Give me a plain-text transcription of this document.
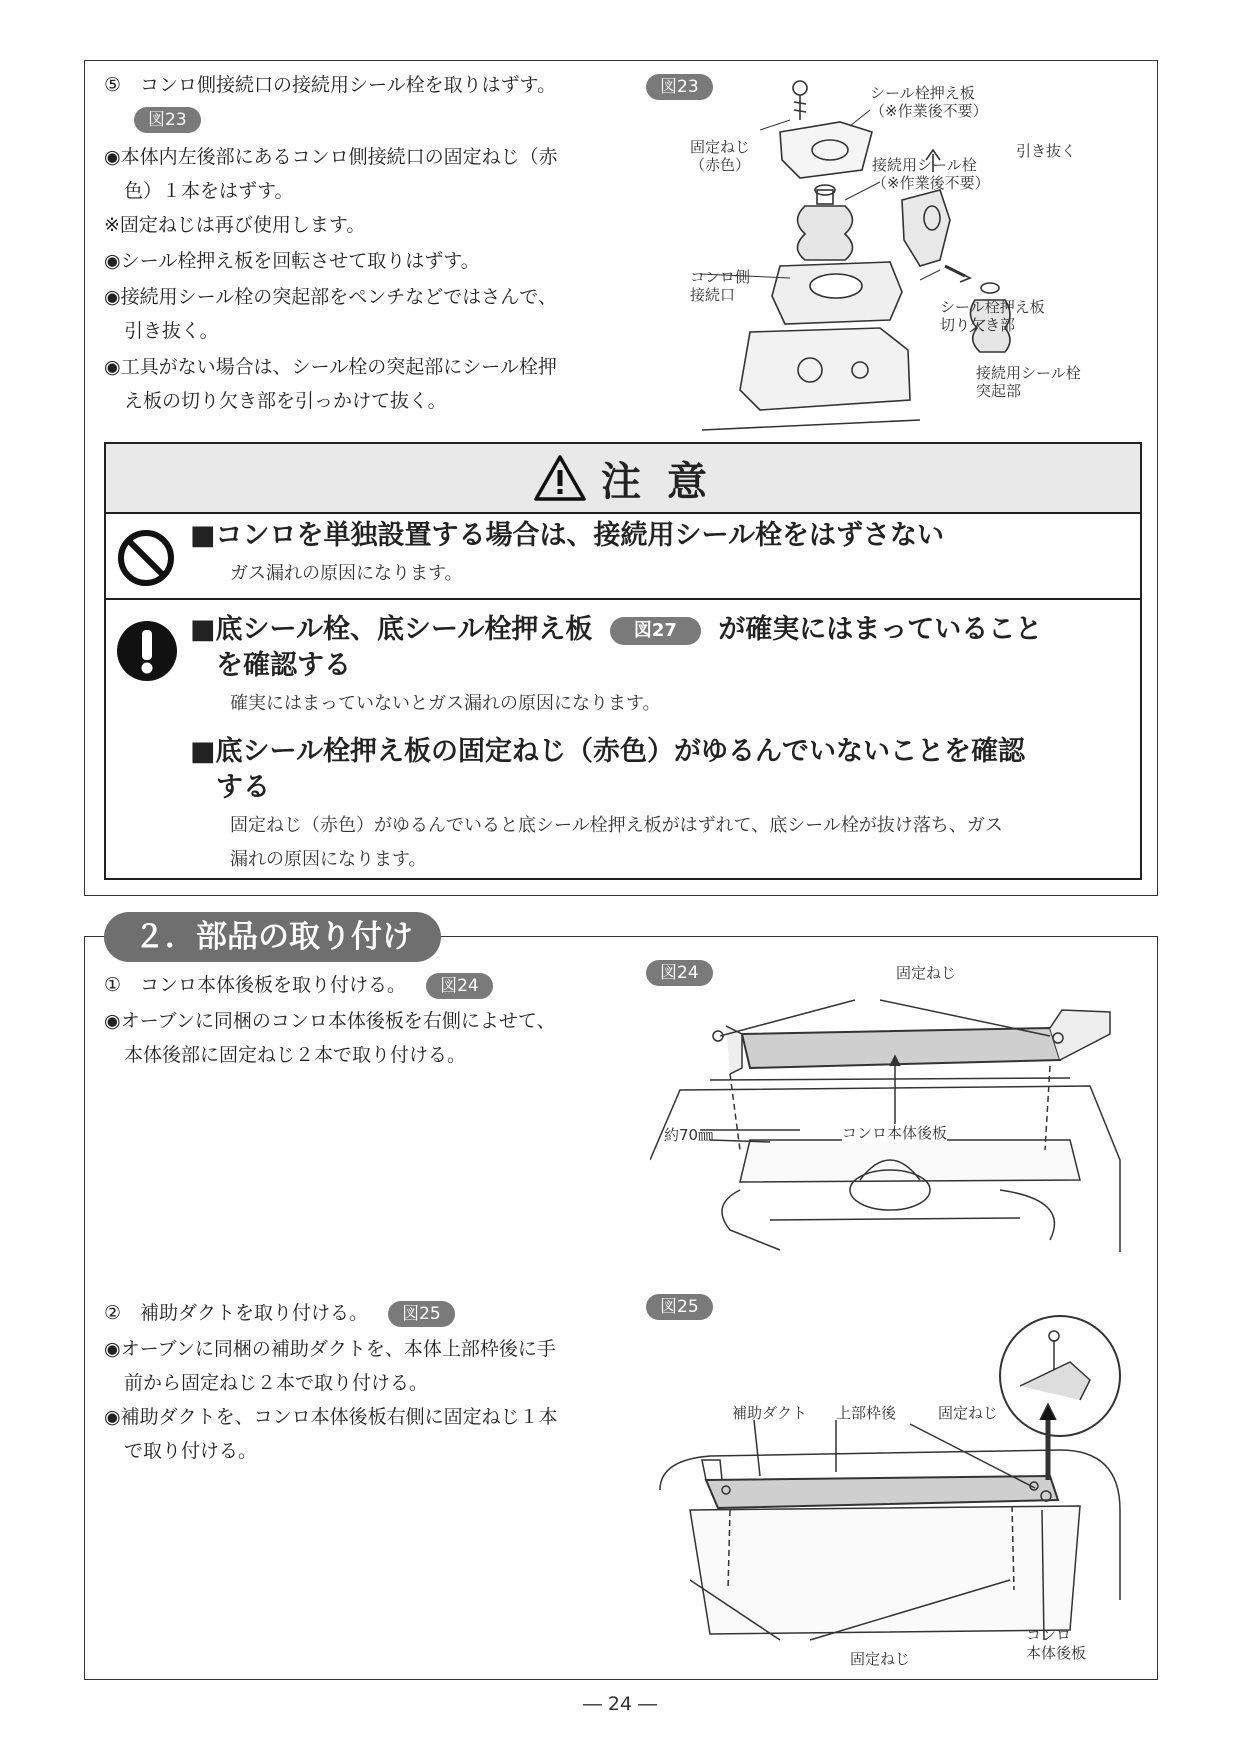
⑤　コンロ側接続口の接続用シール栓を取りはずす。
図23
◉本体内左後部にあるコンロ側接続口の固定ねじ（赤
色）１本をはずす。
※固定ねじは再び使用します。
◉シール栓押え板を回転させて取りはずす。
◉接続用シール栓の突起部をペンチなどではさんで、
引き抜く。
◉工具がない場合は、シール栓の突起部にシール栓押
え板の切り欠き部を引っかけて抜く。
図23
固定ねじ
（赤色）
シール栓押え板
（※作業後不要）
接続用シール栓
（※作業後不要）
引き抜く
コンロ側
接続口
シール栓押え板
切り欠き部
接続用シール栓
突起部
注 意
■コンロを単独設置する場合は、接続用シール栓をはずさない
ガス漏れの原因になります。
■底シール栓、底シール栓押え板 図27 が確実にはまっていること
を確認する
確実にはまっていないとガス漏れの原因になります。
■底シール栓押え板の固定ねじ（赤色）がゆるんでいないことを確認
する
固定ねじ（赤色）がゆるんでいると底シール栓押え板がはずれて、底シール栓が抜け落ち、ガス
漏れの原因になります。
２．部品の取り付け
①　コンロ本体後板を取り付ける。 図24
◉オーブンに同梱のコンロ本体後板を右側によせて、
本体後部に固定ねじ２本で取り付ける。
図24	固定ねじ
約70㎜	コンロ本体後板
②　補助ダクトを取り付ける。 図25
◉オーブンに同梱の補助ダクトを、本体上部枠後に手
前から固定ねじ２本で取り付ける。
◉補助ダクトを、コンロ本体後板右側に固定ねじ１本
で取り付ける。
図25
補助ダクト 上部枠後	固定ねじ
固定ねじ
コンロ
本体後板
― 24 ―
